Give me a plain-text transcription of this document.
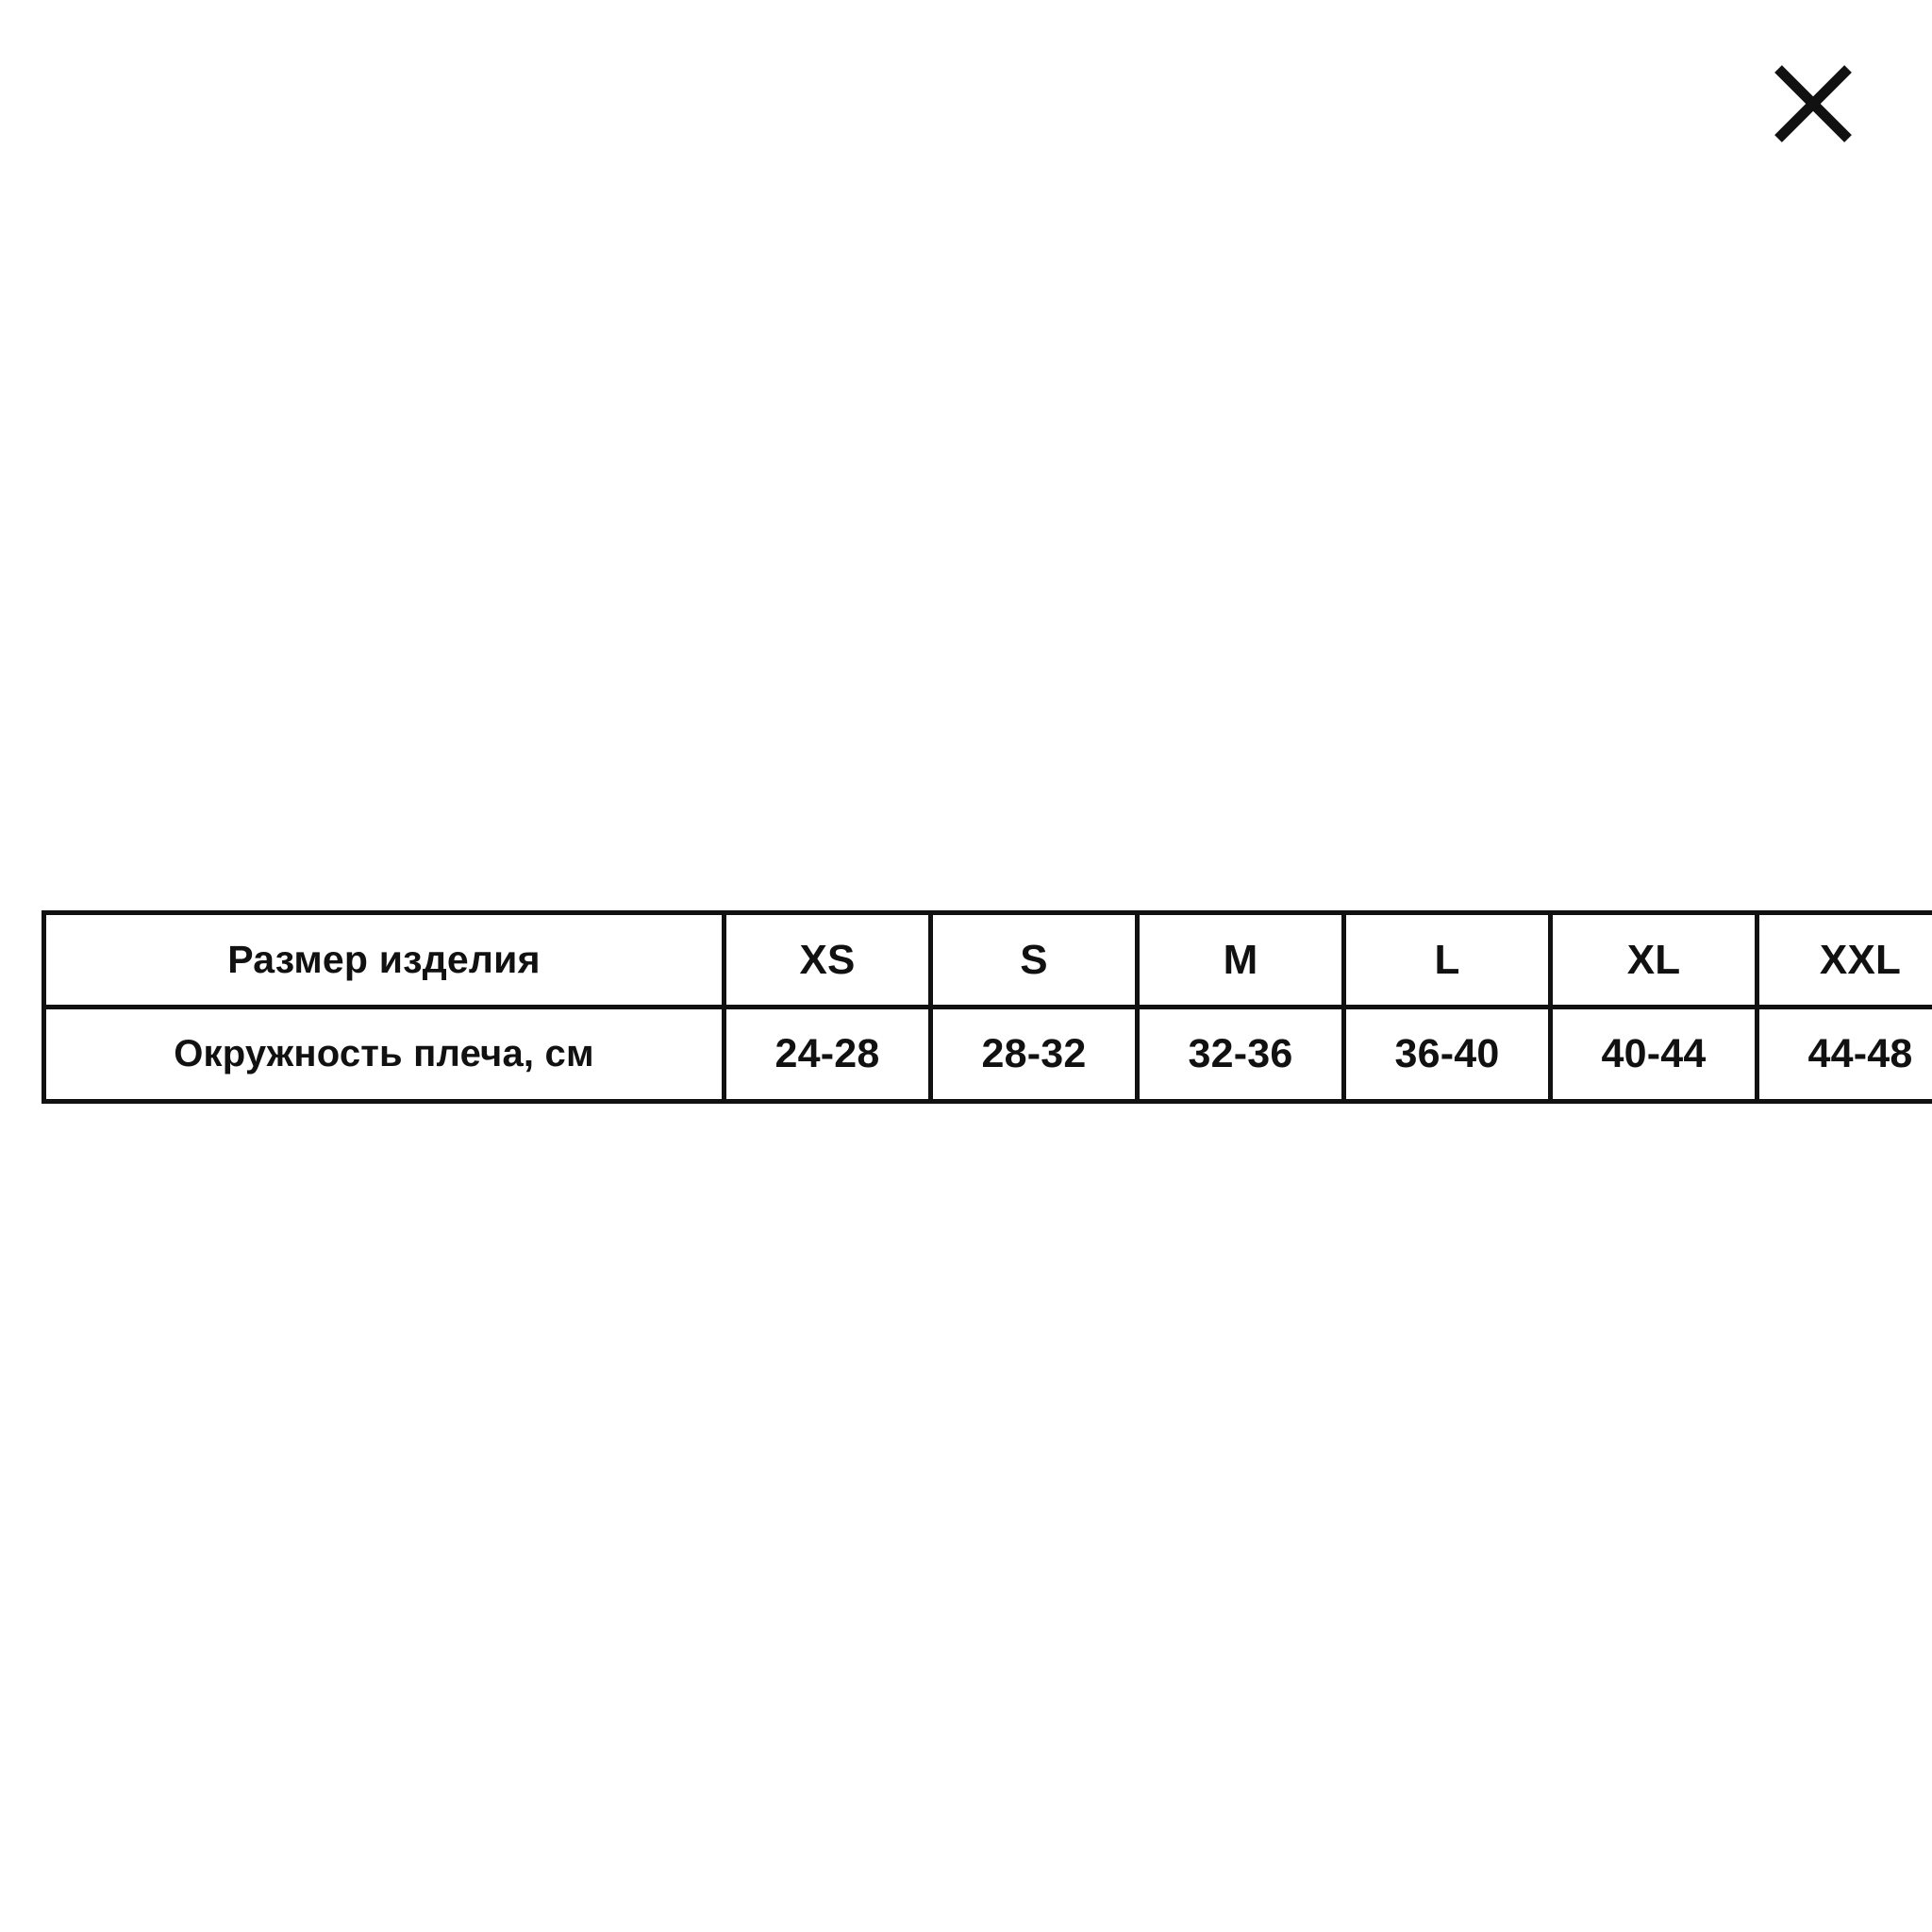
Размер изделия	XS	S	M	L	XL	XXL
Окружность плеча, см	24-28	28-32	32-36	36-40	40-44	44-48
